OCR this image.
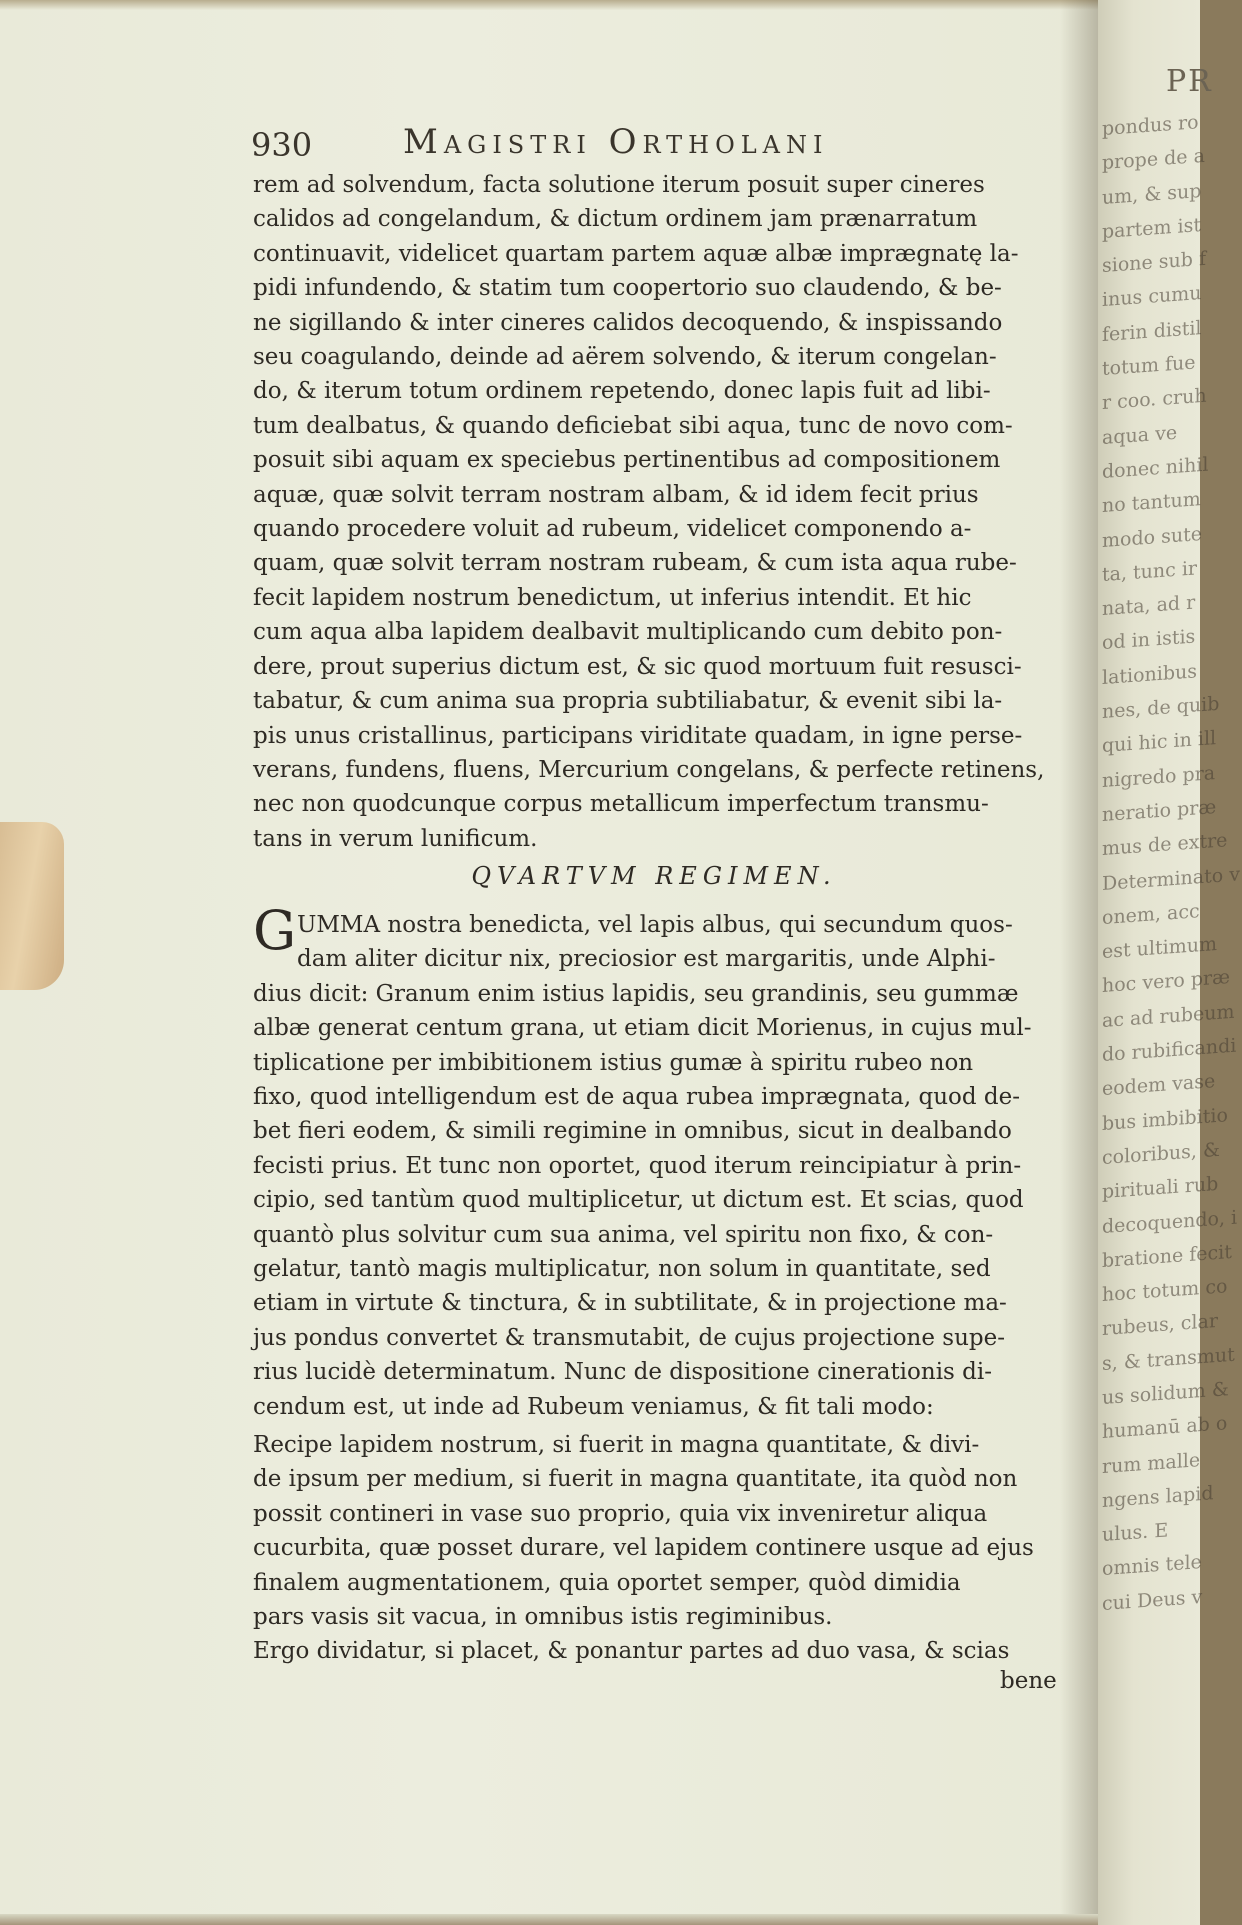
930	Magistri Ortholani
rem ad solvendum, facta solutione iterum posuit super cineres
calidos ad congelandum, & dictum ordinem jam prænarratum
continuavit, videlicet quartam partem aquæ albæ imprægnatę la-
pidi infundendo, & statim tum coopertorio suo claudendo, & be-
ne sigillando & inter cineres calidos decoquendo, & inspissando
seu coagulando, deinde ad aërem solvendo, & iterum congelan-
do, & iterum totum ordinem repetendo, donec lapis fuit ad libi-
tum dealbatus, & quando deficiebat sibi aqua, tunc de novo com-
posuit sibi aquam ex speciebus pertinentibus ad compositionem
aquæ, quæ solvit terram nostram albam, & id idem fecit prius
quando procedere voluit ad rubeum, videlicet componendo a-
quam, quæ solvit terram nostram rubeam, & cum ista aqua rube-
fecit lapidem nostrum benedictum, ut inferius intendit. Et hic
cum aqua alba lapidem dealbavit multiplicando cum debito pon-
dere, prout superius dictum est, & sic quod mortuum fuit resusci-
tabatur, & cum anima sua propria subtiliabatur, & evenit sibi la-
pis unus cristallinus, participans viriditate quadam, in igne perse-
verans, fundens, fluens, Mercurium congelans, & perfecte retinens,
nec non quodcunque corpus metallicum imperfectum transmu-
tans in verum lunificum.
QVARTVM REGIMEN.
G UMMA nostra benedicta, vel lapis albus, qui secundum quos-
dam aliter dicitur nix, preciosior est margaritis, unde Alphi-
dius dicit: Granum enim istius lapidis, seu grandinis, seu gummæ
albæ generat centum grana, ut etiam dicit Morienus, in cujus mul-
tiplicatione per imbibitionem istius gumæ à spiritu rubeo non
fixo, quod intelligendum est de aqua rubea imprægnata, quod de-
bet fieri eodem, & simili regimine in omnibus, sicut in dealbando
fecisti prius. Et tunc non oportet, quod iterum reincipiatur à prin-
cipio, sed tantùm quod multiplicetur, ut dictum est. Et scias, quod
quantò plus solvitur cum sua anima, vel spiritu non fixo, & con-
gelatur, tantò magis multiplicatur, non solum in quantitate, sed
etiam in virtute & tinctura, & in subtilitate, & in projectione ma-
jus pondus convertet & transmutabit, de cujus projectione supe-
rius lucidè determinatum. Nunc de dispositione cinerationis di-
cendum est, ut inde ad Rubeum veniamus, & fit tali modo:
Recipe lapidem nostrum, si fuerit in magna quantitate, & divi-
de ipsum per medium, si fuerit in magna quantitate, ita quòd non
possit contineri in vase suo proprio, quia vix inveniretur aliqua
cucurbita, quæ posset durare, vel lapidem continere usque ad ejus
finalem augmentationem, quia oportet semper, quòd dimidia
pars vasis sit vacua, in omnibus istis regiminibus.
Ergo dividatur, si placet, & ponantur partes ad duo vasa, & scias
bene
PR
pondus ro
prope de a
um, & sup
partem ist
sione sub f
inus cumu
ferin distil
totum fue
r coo. cruh
aqua ve
donec nihil
no tantum
modo sute
ta, tunc ir
nata, ad r
od in istis
lationibus
nes, de quib
qui hic in ill
nigredo pra
neratio præ
mus de extre
Determinato v
onem, acc
est ultimum
hoc vero præ
ac ad rubeum
do rubificandi
eodem vase
bus imbibitio
coloribus, &
pirituali rub
decoquendo, i
bratione fecit
hoc totum co
rubeus, clar
s, & transmut
us solidum &
humanū ab o
rum malle
ngens lapid
ulus. E
omnis tele
cui Deus v
